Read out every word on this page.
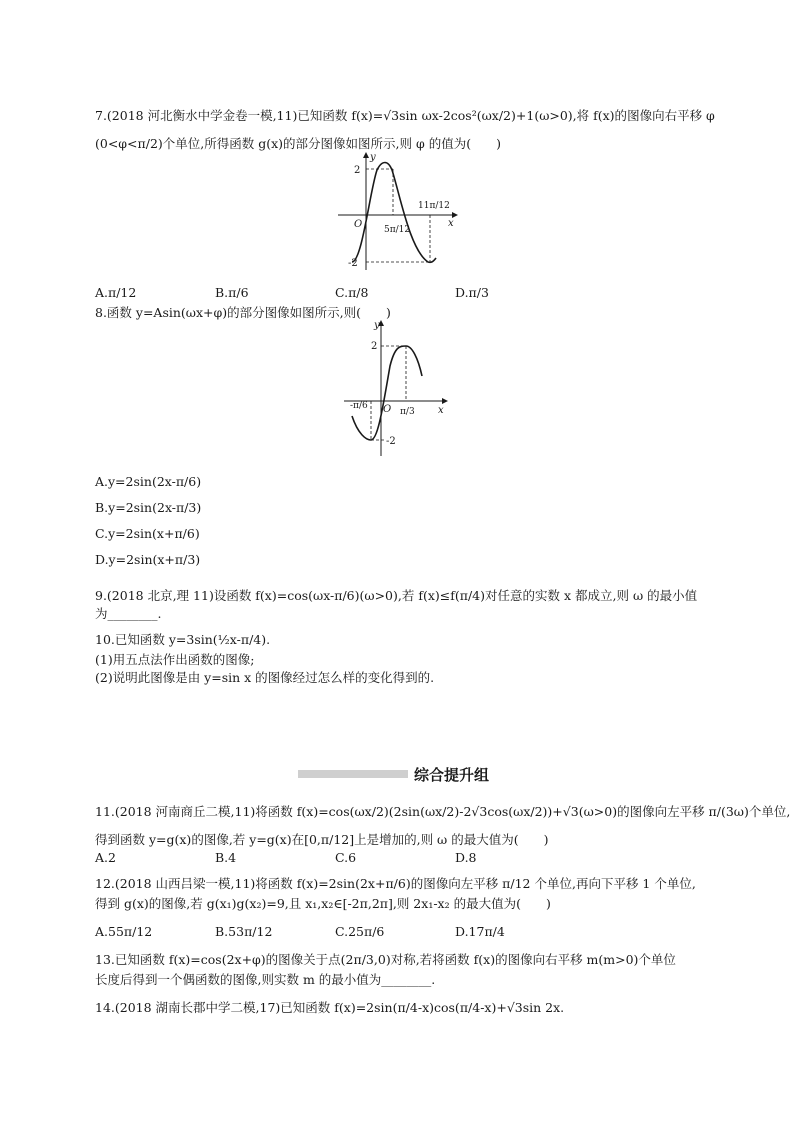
7.(2018 河北衡水中学金卷一模,11)已知函数 f(x)=√3sin ωx-2cos²(ωx/2)+1(ω>0),将 f(x)的图像向右平移 φ
(0<φ<π/2)个单位,所得函数 g(x)的部分图像如图所示,则 φ 的值为(　　)
y
x
2
-2
O 5π/12
11π/12
A.π/12	B.π/6	C.π/8	D.π/3
8.函数 y=Asin(ωx+φ)的部分图像如图所示,则(　　)
y
x
2
-2
O
-π/6
π/3
A.y=2sin(2x-π/6)
B.y=2sin(2x-π/3)
C.y=2sin(x+π/6)
D.y=2sin(x+π/3)
9.(2018 北京,理 11)设函数 f(x)=cos(ωx-π/6)(ω>0),若 f(x)≤f(π/4)对任意的实数 x 都成立,则 ω 的最小值
为________.
10.已知函数 y=3sin(½x-π/4).
(1)用五点法作出函数的图像;
(2)说明此图像是由 y=sin x 的图像经过怎么样的变化得到的.
综合提升组
11.(2018 河南商丘二模,11)将函数 f(x)=cos(ωx/2)(2sin(ωx/2)-2√3cos(ωx/2))+√3(ω>0)的图像向左平移 π/(3ω)个单位,
得到函数 y=g(x)的图像,若 y=g(x)在[0,π/12]上是增加的,则 ω 的最大值为(　　)
A.2	B.4	C.6	D.8
12.(2018 山西吕梁一模,11)将函数 f(x)=2sin(2x+π/6)的图像向左平移 π/12 个单位,再向下平移 1 个单位,
得到 g(x)的图像,若 g(x₁)g(x₂)=9,且 x₁,x₂∈[-2π,2π],则 2x₁-x₂ 的最大值为(　　)
A.55π/12	B.53π/12	C.25π/6	D.17π/4
13.已知函数 f(x)=cos(2x+φ)的图像关于点(2π/3,0)对称,若将函数 f(x)的图像向右平移 m(m>0)个单位
长度后得到一个偶函数的图像,则实数 m 的最小值为________.
14.(2018 湖南长郡中学二模,17)已知函数 f(x)=2sin(π/4-x)cos(π/4-x)+√3sin 2x.
